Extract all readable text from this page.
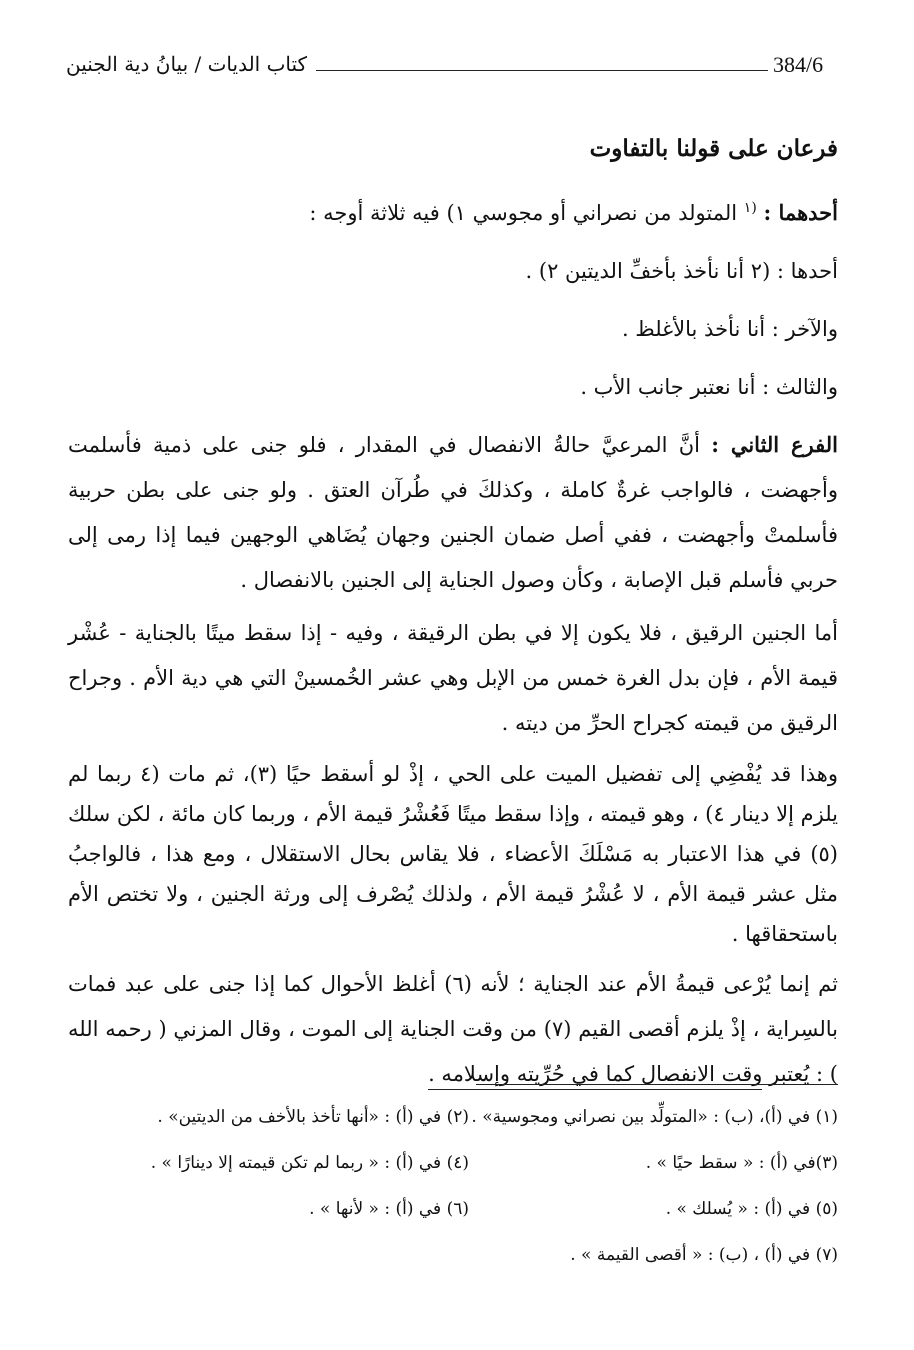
384/6
كتاب الديات / بيانُ دية الجنين
فرعان على قولنا بالتفاوت

أحدهما : $^{(١}$ المتولد من نصراني أو مجوسي ١) فيه ثلاثة أوجه :

أحدها : (٢ أنا نأخذ بأخفِّ الديتين ٢) .

والآخر : أنا نأخذ بالأغلظ .

والثالث : أنا نعتبر جانب الأب .

الفرع الثاني : أنَّ المرعيَّ حالةُ الانفصال في المقدار ، فلو جنى على ذمية فأسلمت وأجهضت ، فالواجب غرةٌ كاملة ، وكذلكَ في طُرآن العتق . ولو جنى على بطن حربية فأسلمتْ وأجهضت ، ففي أصل ضمان الجنين وجهان يُضَاهي الوجهين فيما إذا رمى إلى حربي فأسلم قبل الإصابة ، وكأن وصول الجناية إلى الجنين بالانفصال .

أما الجنين الرقيق ، فلا يكون إلا في بطن الرقيقة ، وفيه - إذا سقط ميتًا بالجناية - عُشْر قيمة الأم ، فإن بدل الغرة خمس من الإبل وهي عشر الخُمسينْ التي هي دية الأم . وجراح الرقيق من قيمته كجراح الحرِّ من ديته .

وهذا قد يُفْضِي إلى تفضيل الميت على الحي ، إذْ لو أسقط حيًا (٣)، ثم مات (٤ ربما لم يلزم إلا دينار ٤) ، وهو قيمته ، وإذا سقط ميتًا فَعُشْرُ قيمة الأم ، وربما كان مائة ، لكن سلك (٥) في هذا الاعتبار به مَسْلَكَ الأعضاء ، فلا يقاس بحال الاستقلال ، ومع هذا ، فالواجبُ مثل عشر قيمة الأم ، لا عُشْرُ قيمة الأم ، ولذلك يُصْرف إلى ورثة الجنين ، ولا تختص الأم باستحقاقها .

ثم إنما يُرْعى قيمةُ الأم عند الجناية ؛ لأنه (٦) أغلظ الأحوال كما إذا جنى على عبد فمات بالسِراية ، إذْ يلزم أقصى القيم (٧) من وقت الجناية إلى الموت ، وقال المزني ( رحمه الله ) : يُعتبر وقت الانفصال كما في حُرِّيته وإسلامه .

(١) في (أ)، (ب) : «المتولِّد بين نصراني ومجوسية» .
(٢) في (أ) : «أنها تأخذ بالأخف من الديتين» .
(٣)في (أ) : « سقط حيًا » .
(٤) في (أ) : « ربما لم تكن قيمته إلا دينارًا » .
(٥) في (أ) : « يُسلك » .
(٦) في (أ) : « لأنها » .
(٧) في (أ) ، (ب) : « أقصى القيمة » .
